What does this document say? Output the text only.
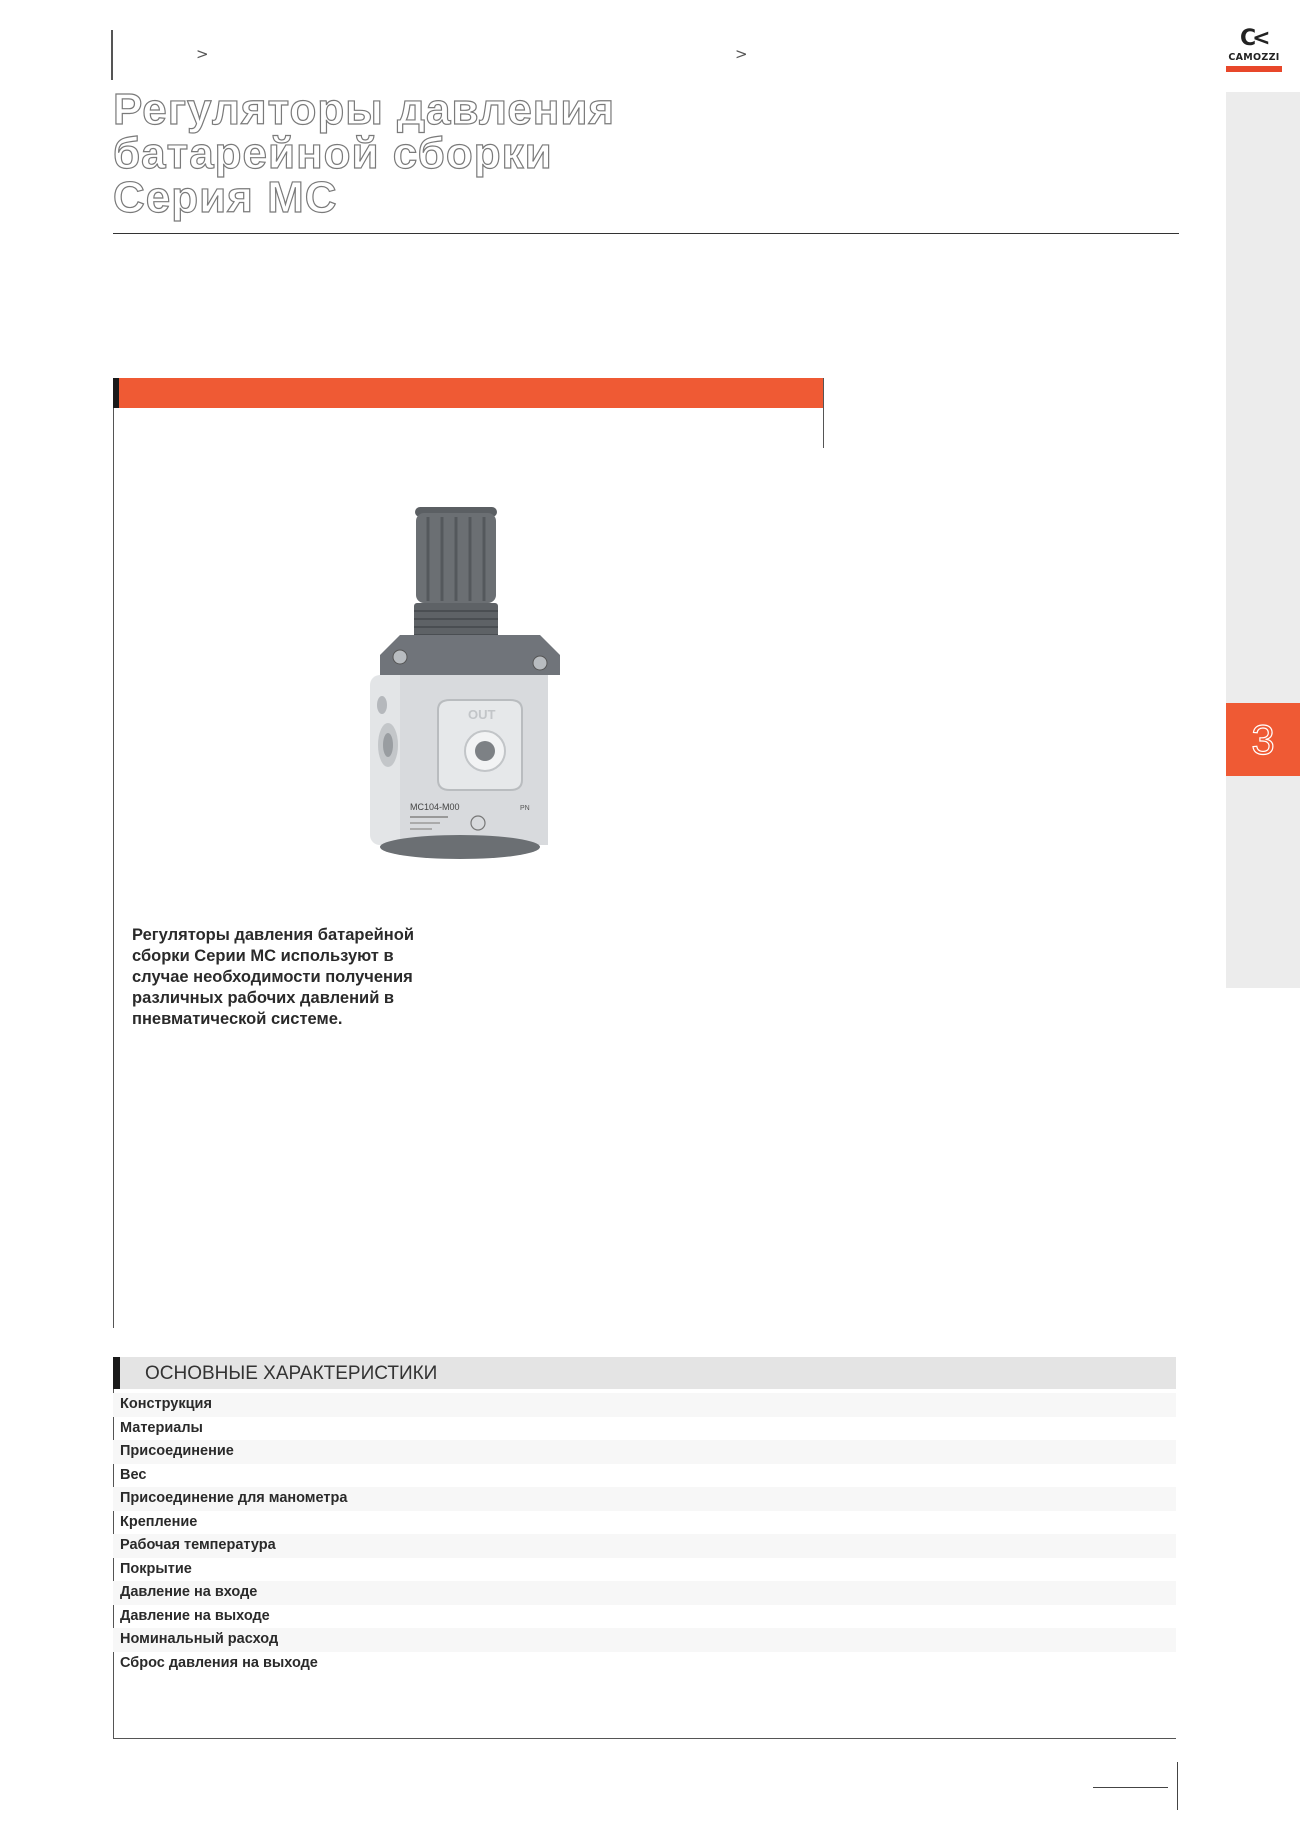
>	>
Регуляторы давления
батарейной сборки
Серия MC
C<
CAMOZZI
3
OUT
MC104-M00	PN

Регуляторы давления батарейной сборки Серии MC используют в случае необходимости получения различных рабочих давлений в пневматической системе.

ОСНОВНЫЕ ХАРАКТЕРИСТИКИ
Конструкция
Материалы
Присоединение
Вес
Присоединение для манометра
Крепление
Рабочая температура
Покрытие
Давление на входе
Давление на выходе
Номинальный расход
Сброс давления на выходе
